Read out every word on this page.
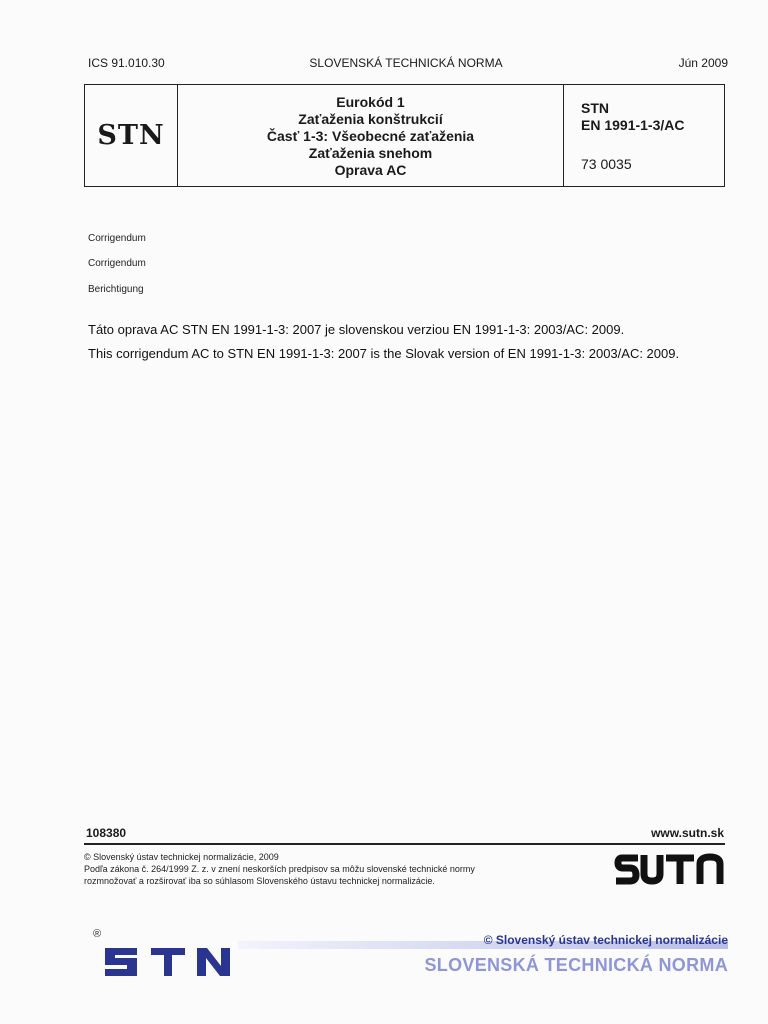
ICS 91.010.30	SLOVENSKÁ TECHNICKÁ NORMA	Jún 2009
STN
Eurokód 1
Zaťaženia konštrukcií
Časť 1-3: Všeobecné zaťaženia
Zaťaženia snehom
Oprava AC
STN
EN 1991-1-3/AC
73 0035
Corrigendum
Corrigendum
Berichtigung
Táto oprava AC STN EN 1991-1-3: 2007 je slovenskou verziou EN 1991-1-3: 2003/AC: 2009.
This corrigendum AC to STN EN 1991-1-3: 2007 is the Slovak version of EN 1991-1-3: 2003/AC: 2009.
108380	www.sutn.sk
© Slovenský ústav technickej normalizácie, 2009
Podľa zákona č. 264/1999 Z. z. v znení neskorších predpisov sa môžu slovenské technické normy
rozmnožovať a rozširovať iba so súhlasom Slovenského ústavu technickej normalizácie.
®	© Slovenský ústav technickej normalizácie
SLOVENSKÁ TECHNICKÁ NORMA
